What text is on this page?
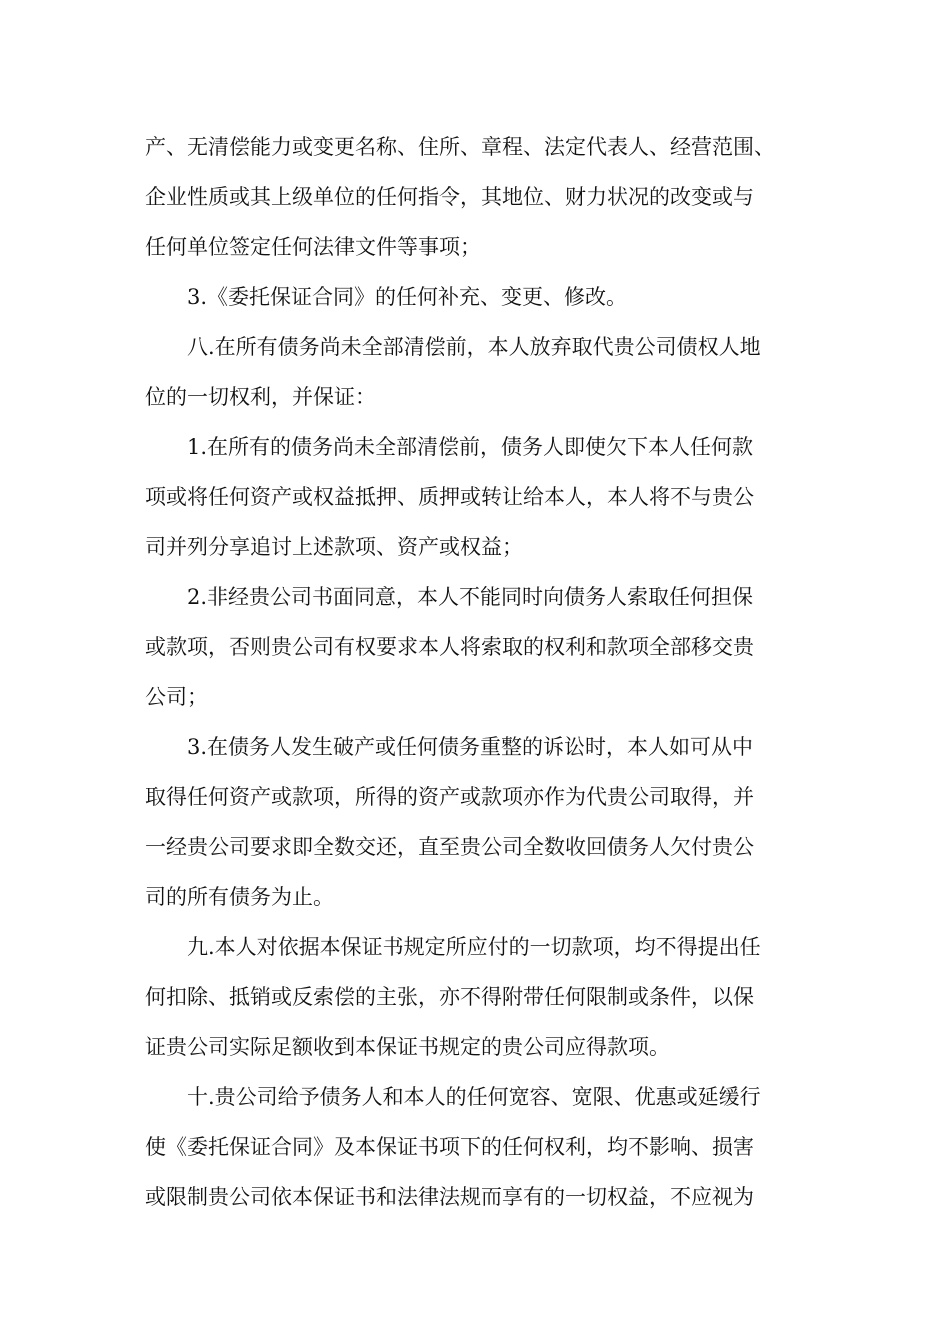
产、无清偿能力或变更名称、住所、章程、法定代表人、经营范围、
企业性质或其上级单位的任何指令，其地位、财力状况的改变或与
任何单位签定任何法律文件等事项；
3.《委托保证合同》的任何补充、变更、修改。
八.在所有债务尚未全部清偿前，本人放弃取代贵公司债权人地
位的一切权利，并保证：
1.在所有的债务尚未全部清偿前，债务人即使欠下本人任何款
项或将任何资产或权益抵押、质押或转让给本人，本人将不与贵公
司并列分享追讨上述款项、资产或权益；
2.非经贵公司书面同意，本人不能同时向债务人索取任何担保
或款项，否则贵公司有权要求本人将索取的权利和款项全部移交贵
公司；
3.在债务人发生破产或任何债务重整的诉讼时，本人如可从中
取得任何资产或款项，所得的资产或款项亦作为代贵公司取得，并
一经贵公司要求即全数交还，直至贵公司全数收回债务人欠付贵公
司的所有债务为止。
九.本人对依据本保证书规定所应付的一切款项，均不得提出任
何扣除、抵销或反索偿的主张，亦不得附带任何限制或条件，以保
证贵公司实际足额收到本保证书规定的贵公司应得款项。
十.贵公司给予债务人和本人的任何宽容、宽限、优惠或延缓行
使《委托保证合同》及本保证书项下的任何权利，均不影响、损害
或限制贵公司依本保证书和法律法规而享有的一切权益，不应视为
